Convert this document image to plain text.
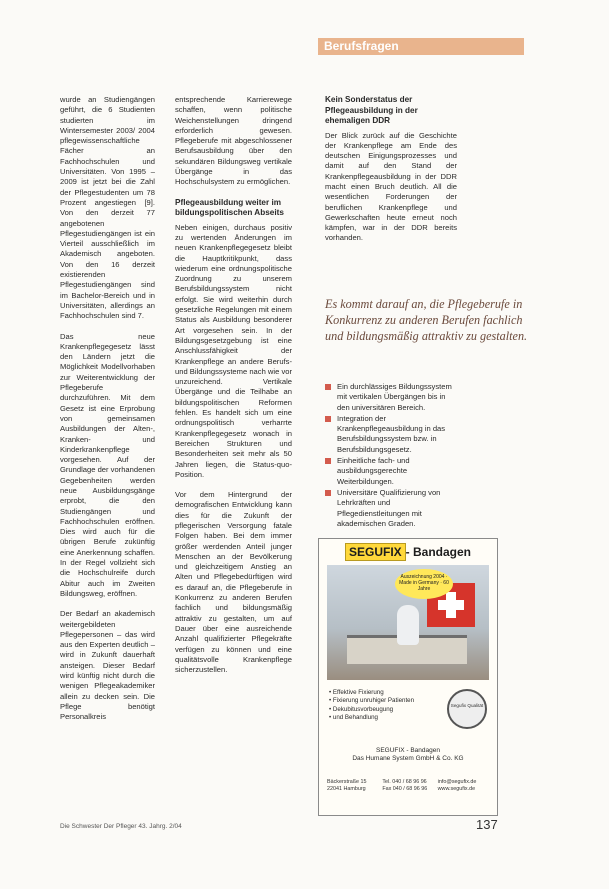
Berufsfragen

wurde an Studiengängen geführt, die 6 Studienten studierten im Wintersemester 2003/ 2004 pflegewissenschaftliche Fächer an Fachhochschulen und Universitäten. Von 1995 – 2009 ist jetzt bei die Zahl der Pflegestudenten um 78 Prozent angestiegen [9]. Von den derzeit 77 angebotenen Pflegestudiengängen ist ein Vierteil ausschließlich im Akademisch angeboten. Von den 16 derzeit existierenden Pflegestudiengängen sind im Bachelor-Bereich und in Universitäten, allerdings an Fachhochschulen sind 7.

Das neue Krankenpflegegesetz lässt den Ländern jetzt die Möglichkeit Modellvorhaben zur Weiterentwicklung der Pflegeberufe durchzuführen. Mit dem Gesetz ist eine Erprobung von gemeinsamen Ausbildungen der Alten-, Kranken- und Kinderkrankenpflege vorgesehen. Auf der Grundlage der vorhandenen Gegebenheiten werden neue Ausbildungsgänge erprobt, die den Studiengängen und Fachhochschulen eröffnen. Dies wird auch für die übrigen Berufe zukünftig eine Anerkennung schaffen. In der Regel vollzieht sich die Hochschulreife durch Abitur auch im Zweiten Bildungsweg, eröffnen.

Der Bedarf an akademisch weitergebildeten Pflegepersonen – das wird aus den Experten deutlich – wird in Zukunft dauerhaft ansteigen. Dieser Bedarf wird künftig nicht durch die wenigen Pflegeakademiker allein zu decken sein. Die Pflege benötigt Personalkreis

entsprechende Karrierewege schaffen, wenn politische Weichenstellungen dringend erforderlich gewesen. Pflegeberufe mit abgeschlossener Berufsausbildung über den sekundären Bildungsweg vertikale Übergänge in das Hochschulsystem zu ermöglichen.

Pflegeausbildung weiter im bildungspolitischen Abseits

Neben einigen, durchaus positiv zu wertenden Änderungen im neuen Krankenpflegegesetz bleibt die Hauptkritikpunkt, dass wiederum eine ordnungspolitische Zuordnung zu unserem Berufsbildungssystem nicht erfolgt. Sie wird weiterhin durch gesetzliche Regelungen mit einem Status als Ausbildung besonderer Art vorgesehen sein. In der Bildungsgesetzgebung ist eine Anschlussfähigkeit der Krankenpflege an andere Berufs- und Bildungssysteme nach wie vor unzureichend. Vertikale Übergänge und die Teilhabe an bildungspolitischen Reformen fehlen. Es handelt sich um eine ordnungspolitisch verharrte Krankenpflegegesetz wonach in Bereichen Strukturen und Besonderheiten seit mehr als 50 Jahren liegen, die Status-quo-Position.

Vor dem Hintergrund der demografischen Entwicklung kann dies für die Zukunft der pflegerischen Versorgung fatale Folgen haben. Bei dem immer größer werdenden Anteil junger Menschen an der Bevölkerung und gleichzeitigem Anstieg an Alten und Pflegebedürftigen wird es darauf an, die Pflegeberufe in Konkurrenz zu anderen Berufen fachlich und bildungsmäßig attraktiv zu gestalten, um auf Dauer über eine ausreichende Anzahl qualifizierter Pflegekräfte verfügen zu können und eine qualitätsvolle Krankenpflege sicherzustellen.

Kein Sonderstatus der Pflegeausbildung in der ehemaligen DDR

Der Blick zurück auf die Geschichte der Krankenpflege am Ende des deutschen Einigungsprozesses und damit auf den Stand der Krankenpflegeausbildung in der DDR macht einen Bruch deutlich. All die wesentlichen Forderungen der beruflichen Krankenpflege und Gewerkschaften heute erneut noch kämpfen, war in der DDR bereits vorhanden.

Es kommt darauf an, die Pflegeberufe in Konkurrenz zu anderen Berufen fachlich und bildungsmäßig attraktiv zu gestalten.
Ein durchlässiges Bildungssystem mit vertikalen Übergängen bis in den universitären Bereich.
Integration der Krankenpflegeausbildung in das Berufsbildungssystem bzw. in Berufsbildungsgesetz.
Einheitliche fach- und ausbildungsgerechte Weiterbildungen.
Universitäre Qualifizierung von Lehrkräften und Pflegedienstleitungen mit akademischen Graden.
SEGUFIX - Bandagen
Auszeichnung 2004 · Made in Germany · 60 Jahre
• Effektive Fixierung
• Fixierung unruhiger Patienten
• Dekubitusvorbeugung
• und Behandlung
Segufix Qualität
SEGUFIX - Bandagen
Das Humane System GmbH & Co. KG
Bäckerstraße 15	Tel. 040 / 68 96 96	info@segufix.de
22041 Hamburg	Fax 040 / 68 96 96	www.segufix.de
Die Schwester Der Pfleger 43. Jahrg. 2/04	137
